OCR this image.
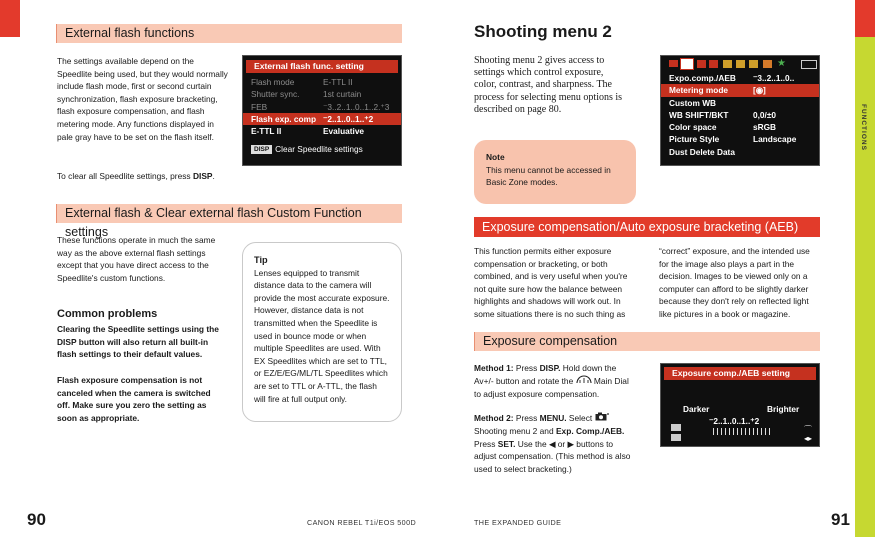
FUNCTIONS
External flash functions
The settings available depend on the Speedlite being used, but they would normally include flash mode, first or second curtain synchronization, flash exposure bracketing, flash exposure compensation, and flash metering mode. Any functions displayed in pale gray have to be set on the flash itself.
To clear all Speedlite settings, press DISP.
External flash func. setting
Flash mode	E-TTL II
Shutter sync.	1st curtain
FEB	⁻3..2..1..0..1..2.⁺3
Flash exp. comp ⁻2..1..0..1..⁺2
E-TTL II	Evaluative
DISP Clear Speedlite settings
External flash & Clear external flash Custom Function settings
These functions operate in much the same way as the above external flash settings except that you have direct access to the Speedlite's custom functions.
Tip
Lenses equipped to transmit distance data to the camera will provide the most accurate exposure. However, distance data is not transmitted when the Speedlite is used in bounce mode or when multiple Speedlites are used. With EX Speedlites which are set to TTL, or EZ/E/EG/ML/TL Speedlites which are set to TTL or A-TTL, the flash will fire at full output only.
Common problems
Clearing the Speedlite settings using the DISP button will also return all built-in flash settings to their default values.
Flash exposure compensation is not canceled when the camera is switched off. Make sure you zero the setting as soon as appropriate.
90	CANON REBEL T1i/EOS 500D
Shooting menu 2
Shooting menu 2 gives access to settings which control exposure, color, contrast, and sharpness. The process for selecting menu options is described on page 80.
Note
This menu cannot be accessed in Basic Zone modes.
★
Expo.comp./AEB	⁻3..2..1..0..
Metering mode	[◉]
Custom WB
WB SHIFT/BKT	0,0/±0
Color space	sRGB
Picture Style	Landscape
Dust Delete Data
Exposure compensation/Auto exposure bracketing (AEB)
This function permits either exposure compensation or bracketing, or both combined, and is very useful when you're not quite sure how the balance between highlights and shadows will work out. In some situations there is no such thing as
“correct” exposure, and the intended use for the image also plays a part in the decision. Images to be viewed only on a computer can afford to be slightly darker because they don't rely on reflected light like pictures in a book or magazine.
Exposure compensation
Method 1: Press DISP. Hold down the Av+/- button and rotate the  Main Dial to adjust exposure compensation.
Method 2: Press MENU. Select  Shooting menu 2 and Exp. Comp./AEB. Press SET. Use the ◀ or ▶ buttons to adjust compensation. (This method is also used to select bracketing.)
Exposure comp./AEB setting
Darker	Brighter
⁻2..1..0..1..⁺2
⌒
◂▸
THE EXPANDED GUIDE	91
